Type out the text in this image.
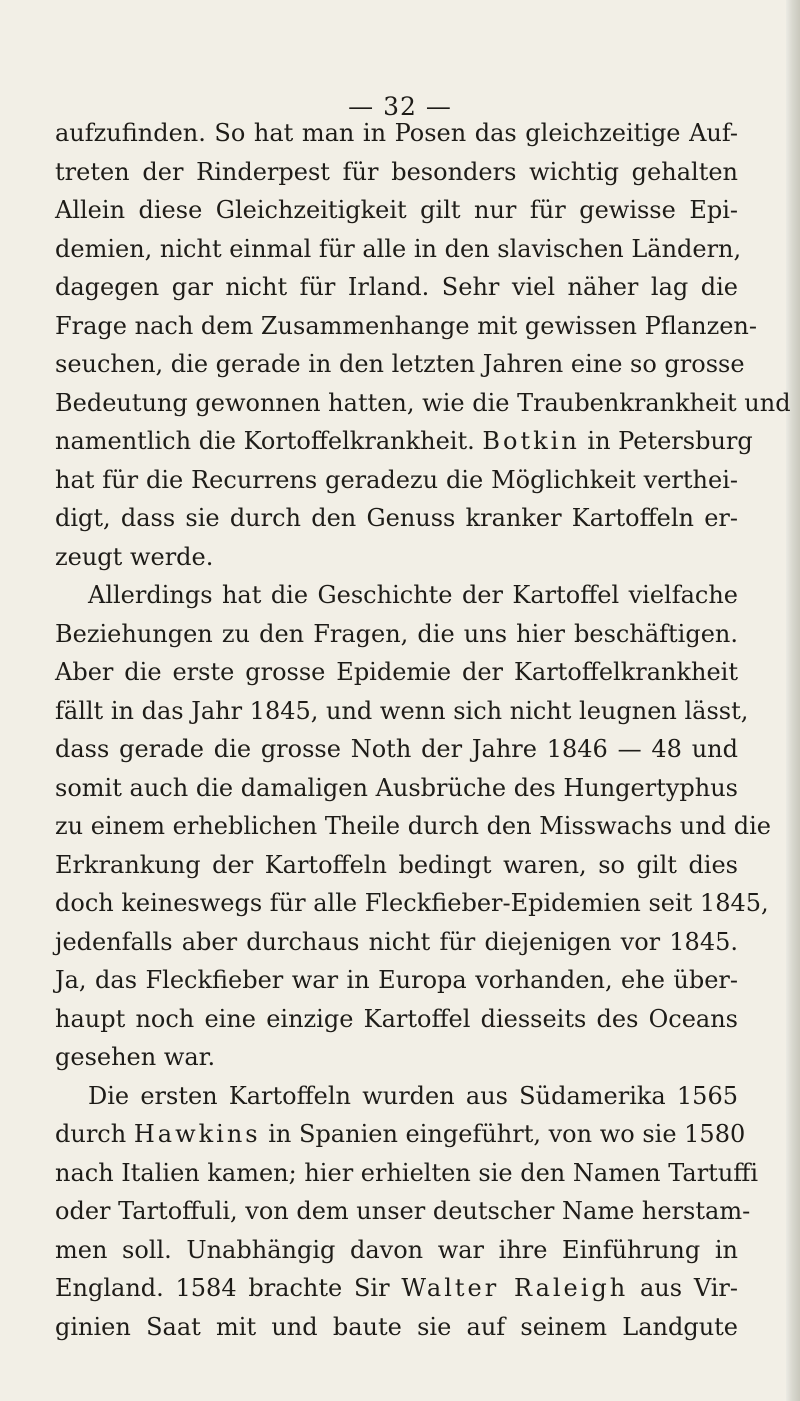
— 32 —
aufzufinden. So hat man in Posen das gleichzeitige Auf-
treten der Rinderpest für besonders wichtig gehalten
Allein diese Gleichzeitigkeit gilt nur für gewisse Epi-
demien, nicht einmal für alle in den slavischen Ländern,
dagegen gar nicht für Irland. Sehr viel näher lag die
Frage nach dem Zusammenhange mit gewissen Pflanzen-
seuchen, die gerade in den letzten Jahren eine so grosse
Bedeutung gewonnen hatten, wie die Traubenkrankheit und
namentlich die Kortoffelkrankheit. Botkin in Petersburg
hat für die Recurrens geradezu die Möglichkeit verthei-
digt, dass sie durch den Genuss kranker Kartoffeln er-
zeugt werde.
Allerdings hat die Geschichte der Kartoffel vielfache
Beziehungen zu den Fragen, die uns hier beschäftigen.
Aber die erste grosse Epidemie der Kartoffelkrankheit
fällt in das Jahr 1845, und wenn sich nicht leugnen lässt,
dass gerade die grosse Noth der Jahre 1846 — 48 und
somit auch die damaligen Ausbrüche des Hungertyphus
zu einem erheblichen Theile durch den Misswachs und die
Erkrankung der Kartoffeln bedingt waren, so gilt dies
doch keineswegs für alle Fleckfieber-Epidemien seit 1845,
jedenfalls aber durchaus nicht für diejenigen vor 1845.
Ja, das Fleckfieber war in Europa vorhanden, ehe über-
haupt noch eine einzige Kartoffel diesseits des Oceans
gesehen war.
Die ersten Kartoffeln wurden aus Südamerika 1565
durch Hawkins in Spanien eingeführt, von wo sie 1580
nach Italien kamen; hier erhielten sie den Namen Tartuffi
oder Tartoffuli, von dem unser deutscher Name herstam-
men soll. Unabhängig davon war ihre Einführung in
England. 1584 brachte Sir Walter Raleigh aus Vir-
ginien Saat mit und baute sie auf seinem Landgute
